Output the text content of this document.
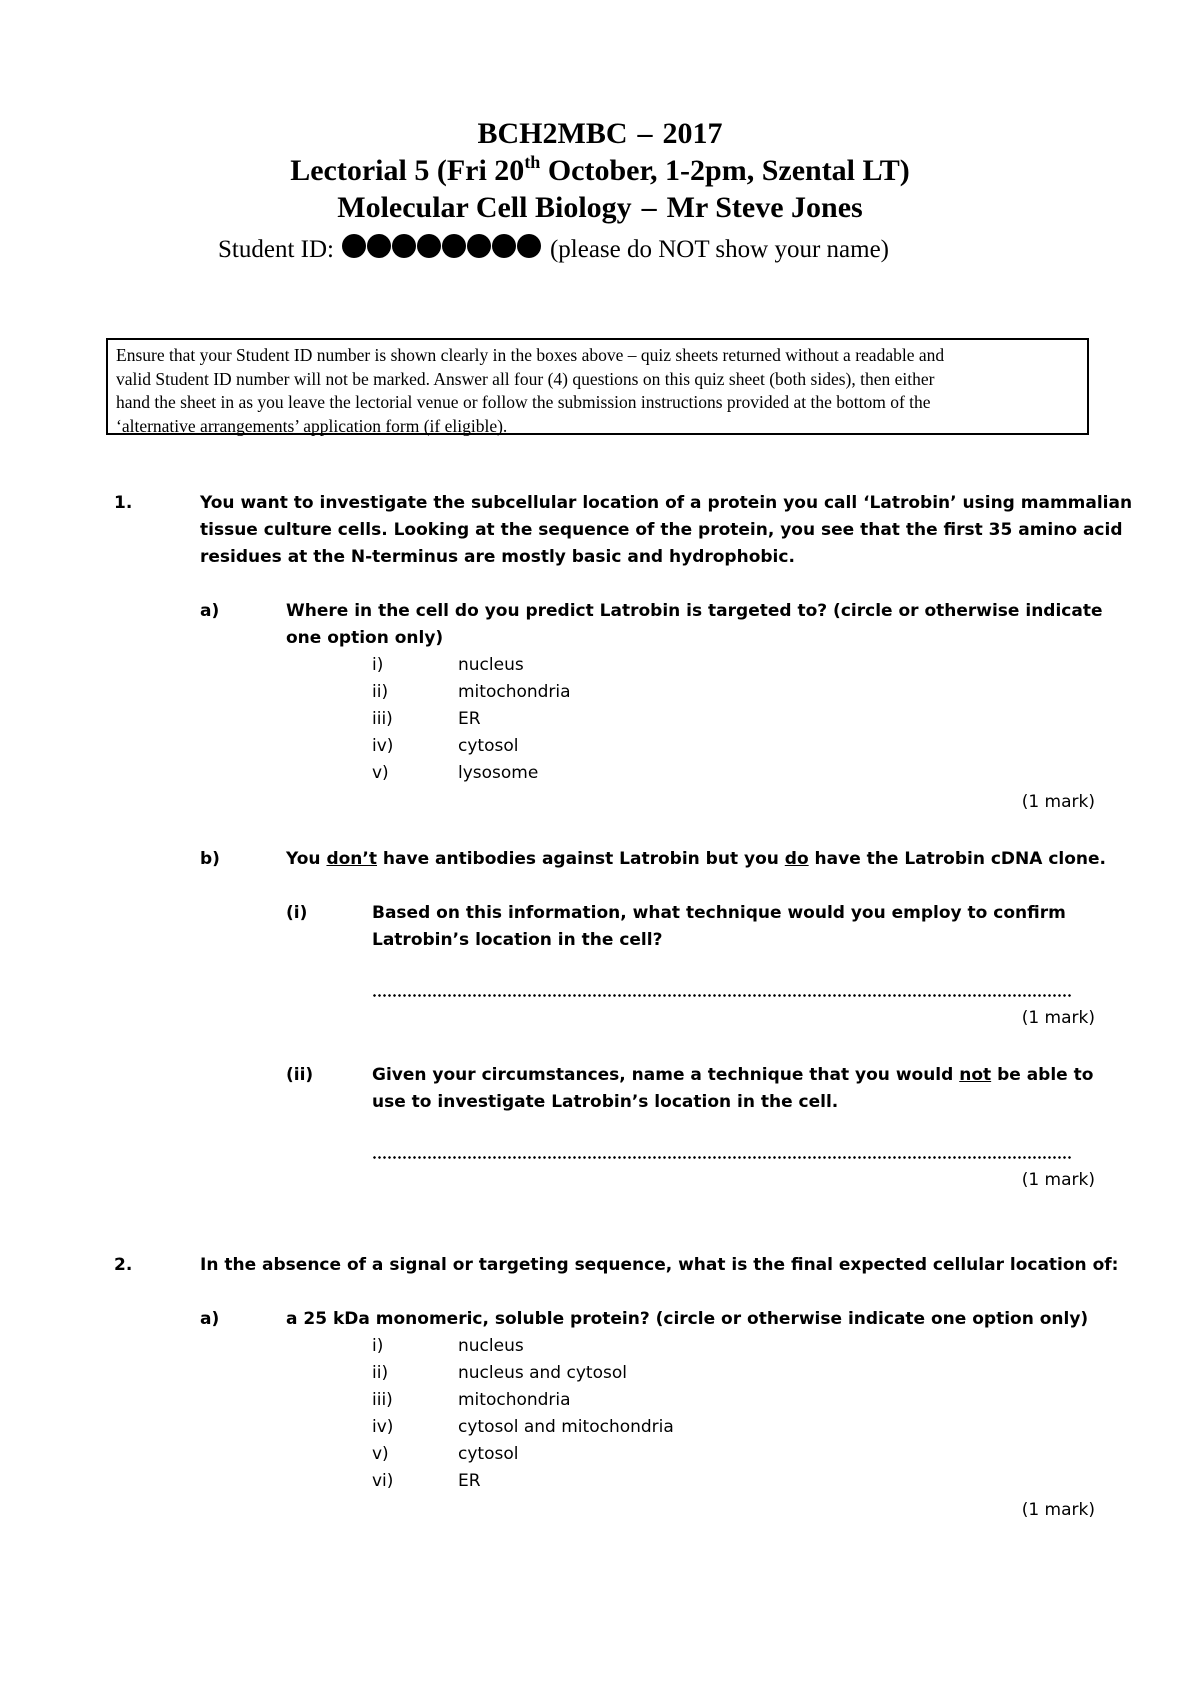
BCH2MBC – 2017
Lectorial 5 (Fri 20th October, 1-2pm, Szental LT)
Molecular Cell Biology – Mr Steve Jones
Student ID:	(please do NOT show your name)
Ensure that your Student ID number is shown clearly in the boxes above – quiz sheets returned without a readable and
valid Student ID number will not be marked. Answer all four (4) questions on this quiz sheet (both sides), then either
hand the sheet in as you leave the lectorial venue or follow the submission instructions provided at the bottom of the
‘alternative arrangements’ application form (if eligible).
1.	You want to investigate the subcellular location of a protein you call ‘Latrobin’ using mammalian
tissue culture cells. Looking at the sequence of the protein, you see that the first 35 amino acid
residues at the N-terminus are mostly basic and hydrophobic.
a)	Where in the cell do you predict Latrobin is targeted to? (circle or otherwise indicate
one option only)
i)	nucleus
ii)	mitochondria
iii)	ER
iv)	cytosol
v)	lysosome
(1 mark)
b)	You don’t have antibodies against Latrobin but you do have the Latrobin cDNA clone.
(i)	Based on this information, what technique would you employ to confirm
Latrobin’s location in the cell?
(1 mark)
(ii)	Given your circumstances, name a technique that you would not be able to
use to investigate Latrobin’s location in the cell.
(1 mark)
2.	In the absence of a signal or targeting sequence, what is the final expected cellular location of:
a)	a 25 kDa monomeric, soluble protein? (circle or otherwise indicate one option only)
i)	nucleus
ii)	nucleus and cytosol
iii)	mitochondria
iv)	cytosol and mitochondria
v)	cytosol
vi)	ER
(1 mark)
